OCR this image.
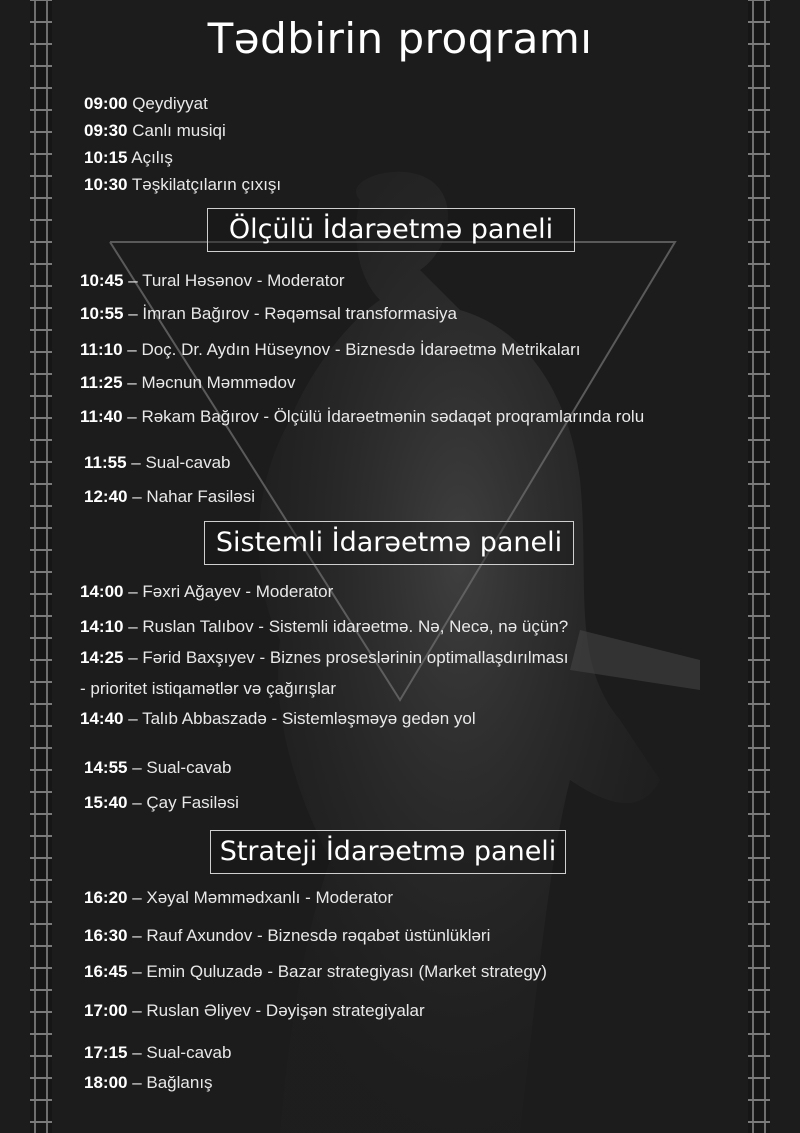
Tədbirin proqramı
09:00 Qeydiyyat
09:30 Canlı musiqi
10:15 Açılış
10:30 Təşkilatçıların çıxışı
Ölçülü İdarəetmə paneli
10:45 – Tural Həsənov - Moderator
10:55 – İmran Bağırov - Rəqəmsal transformasiya
11:10 – Doç. Dr. Aydın Hüseynov - Biznesdə İdarəetmə Metrikaları
11:25 – Məcnun Məmmədov
11:40 – Rəkam Bağırov - Ölçülü İdarəetmənin sədaqət proqramlarında rolu
11:55 – Sual-cavab
12:40 – Nahar Fasiləsi
Sistemli İdarəetmə paneli
14:00 – Fəxri Ağayev - Moderator
14:10 – Ruslan Talıbov - Sistemli idarəetmə. Nə, Necə, nə üçün?
14:25 – Fərid Baxşıyev - Biznes proseslərinin optimallaşdırılması
- prioritet istiqamətlər və çağırışlar
14:40 – Talıb Abbaszadə - Sistemləşməyə gedən yol
14:55 – Sual-cavab
15:40 – Çay Fasiləsi
Strateji İdarəetmə paneli
16:20 – Xəyal Məmmədxanlı - Moderator
16:30 – Rauf Axundov - Biznesdə rəqabət üstünlükləri
16:45 – Emin Quluzadə - Bazar strategiyası (Market strategy)
17:00 – Ruslan Əliyev - Dəyişən strategiyalar
17:15 – Sual-cavab
18:00 – Bağlanış
